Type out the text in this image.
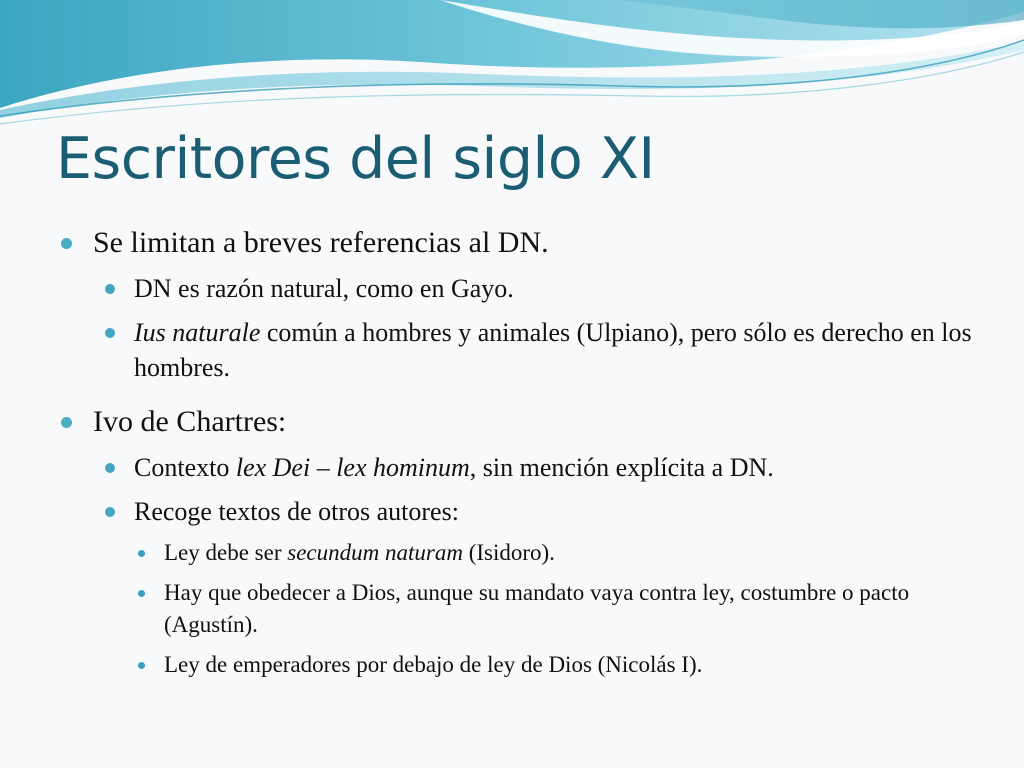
Escritores del siglo XI
Se limitan a breves referencias al DN.
DN es razón natural, como en Gayo.
Ius naturale común a hombres y animales (Ulpiano), pero sólo es derecho en los hombres.
Ivo de Chartres:
Contexto lex Dei – lex hominum, sin mención explícita a DN.
Recoge textos de otros autores:
Ley debe ser secundum naturam (Isidoro).
Hay que obedecer a Dios, aunque su mandato vaya contra ley, costumbre o pacto (Agustín).
Ley de emperadores por debajo de ley de Dios (Nicolás I).
